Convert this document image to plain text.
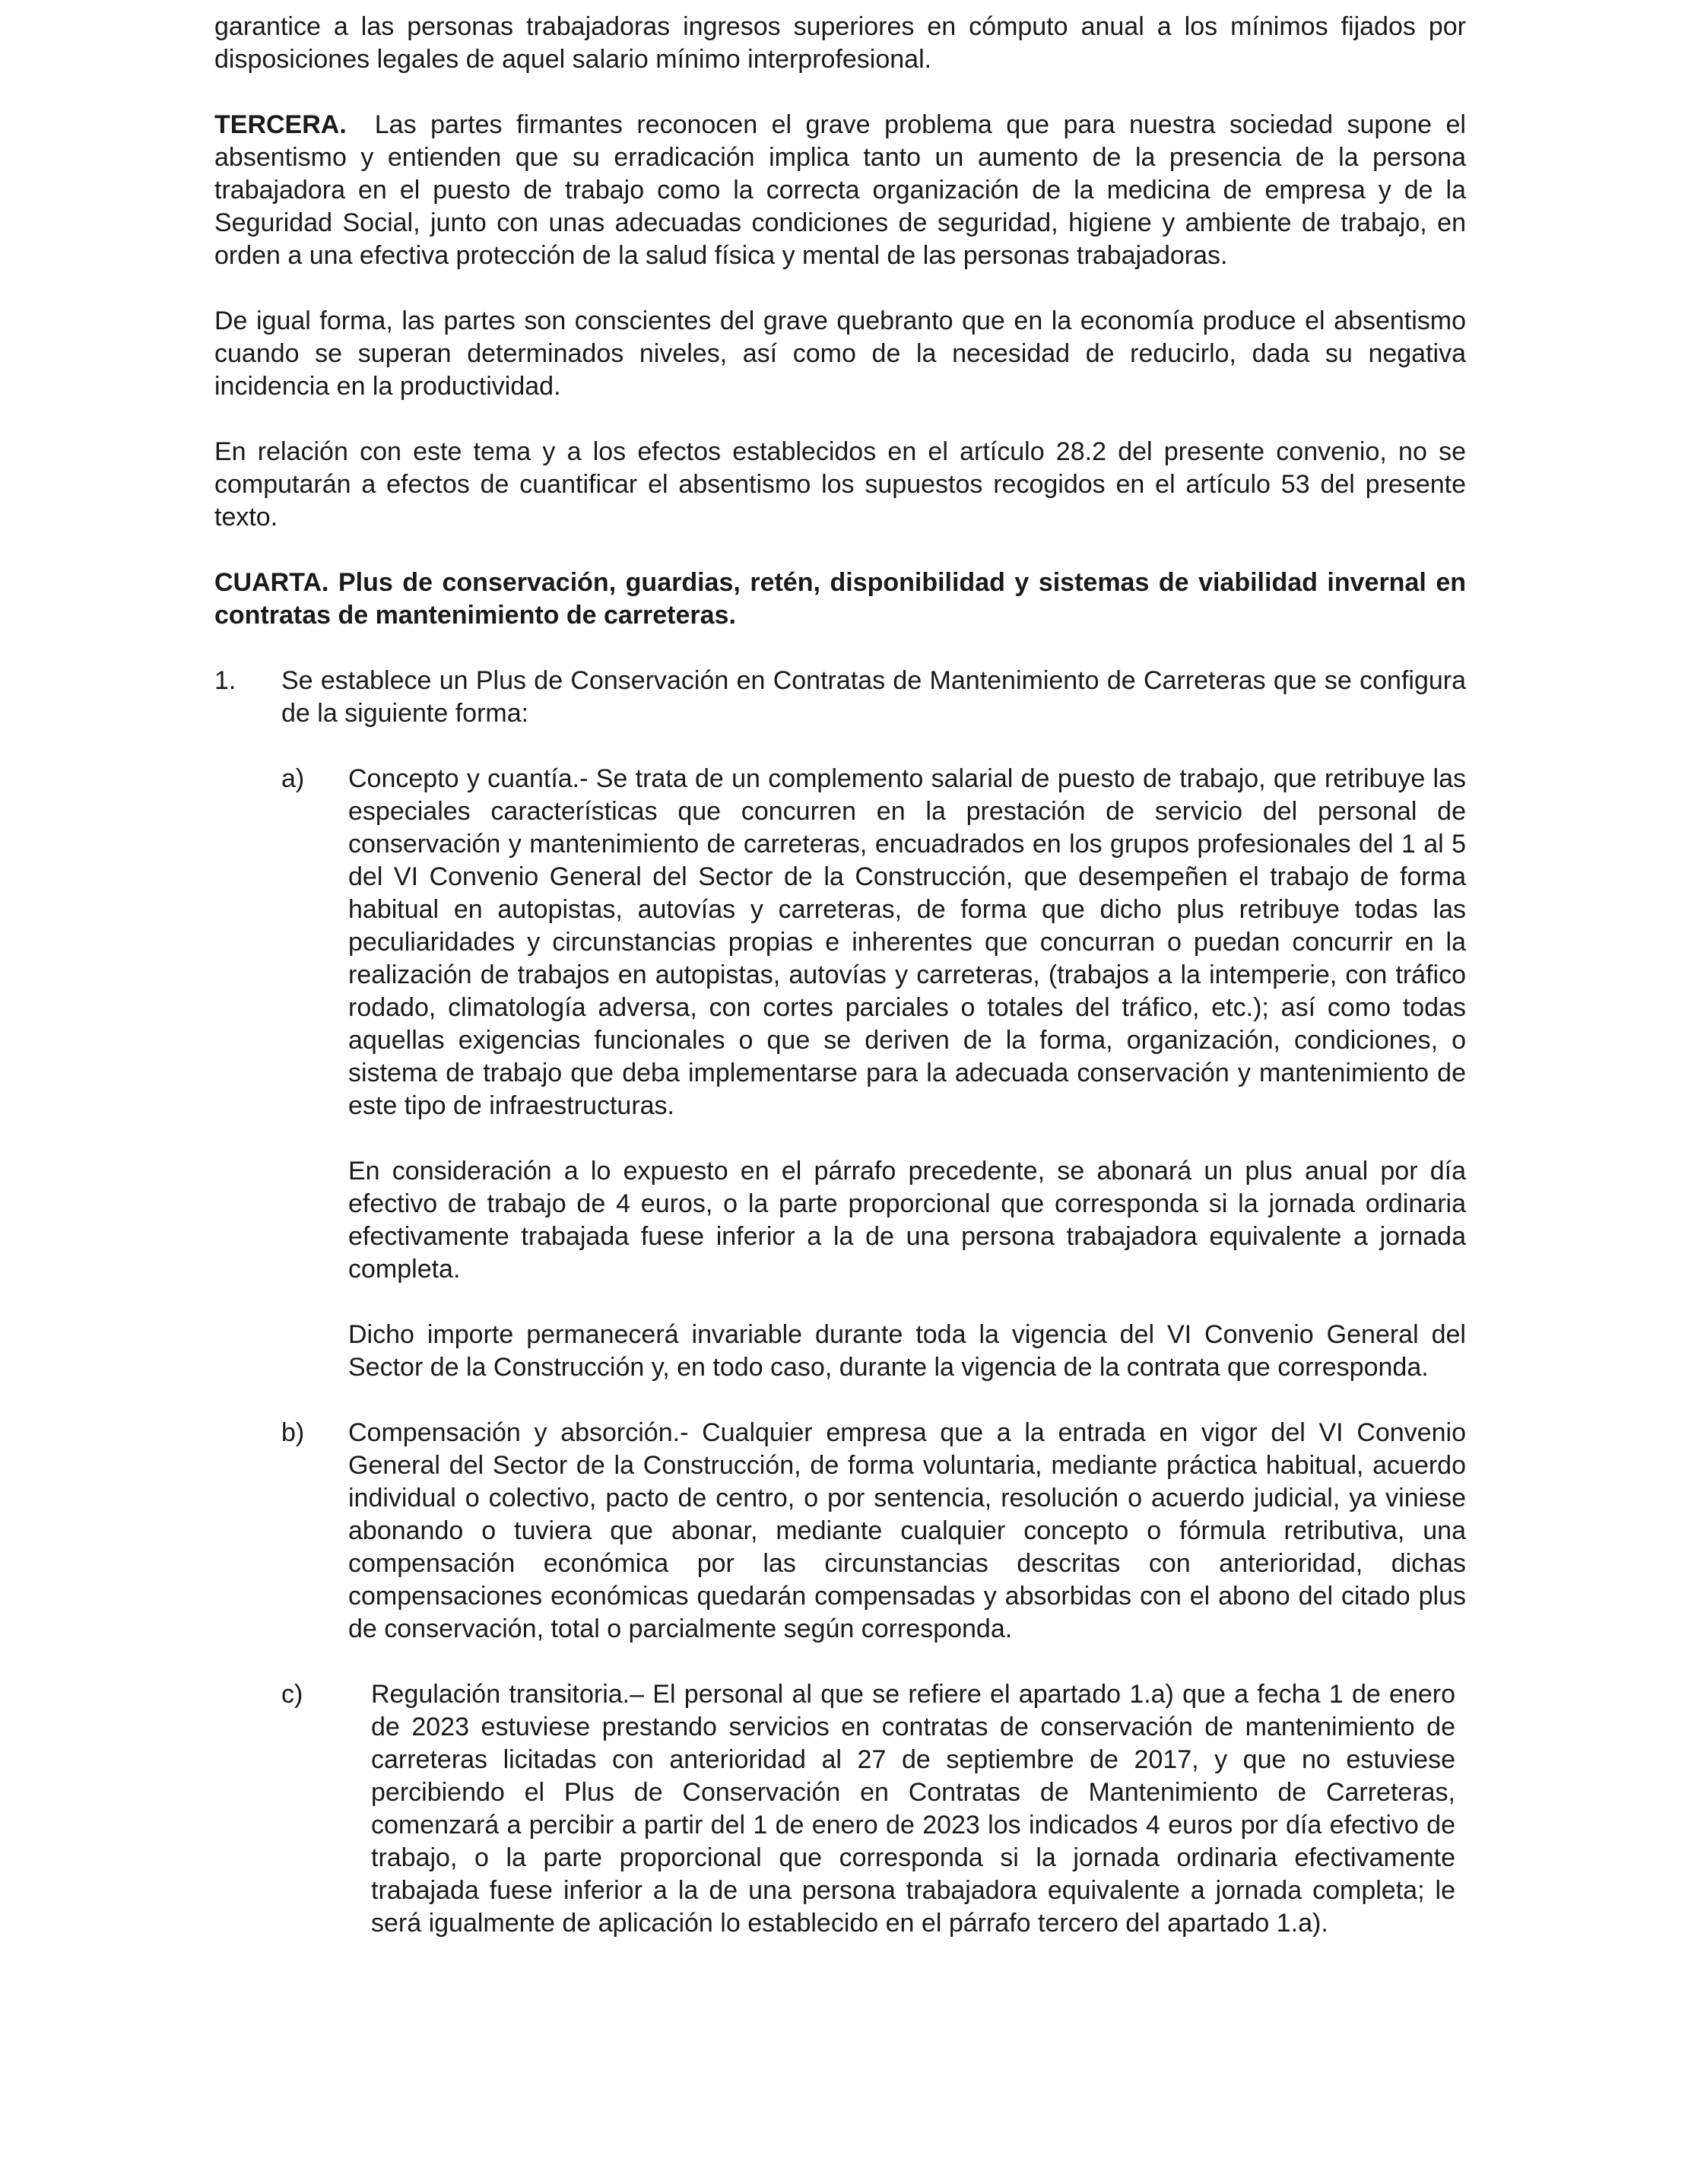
garantice a las personas trabajadoras ingresos superiores en cómputo anual a los mínimos fijados por disposiciones legales de aquel salario mínimo interprofesional.

TERCERA. Las partes firmantes reconocen el grave problema que para nuestra sociedad supone el absentismo y entienden que su erradicación implica tanto un aumento de la presencia de la persona trabajadora en el puesto de trabajo como la correcta organización de la medicina de empresa y de la Seguridad Social, junto con unas adecuadas condiciones de seguridad, higiene y ambiente de trabajo, en orden a una efectiva protección de la salud física y mental de las personas trabajadoras.

De igual forma, las partes son conscientes del grave quebranto que en la economía produce el absentismo cuando se superan determinados niveles, así como de la necesidad de reducirlo, dada su negativa incidencia en la productividad.

En relación con este tema y a los efectos establecidos en el artículo 28.2 del presente convenio, no se computarán a efectos de cuantificar el absentismo los supuestos recogidos en el artículo 53 del presente texto.

CUARTA. Plus de conservación, guardias, retén, disponibilidad y sistemas de viabilidad invernal en contratas de mantenimiento de carreteras.

1.	Se establece un Plus de Conservación en Contratas de Mantenimiento de Carreteras que se configura de la siguiente forma:

a)	Concepto y cuantía.- Se trata de un complemento salarial de puesto de trabajo, que retribuye las especiales características que concurren en la prestación de servicio del personal de conservación y mantenimiento de carreteras, encuadrados en los grupos profesionales del 1 al 5 del VI Convenio General del Sector de la Construcción, que desempeñen el trabajo de forma habitual en autopistas, autovías y carreteras, de forma que dicho plus retribuye todas las peculiaridades y circunstancias propias e inherentes que concurran o puedan concurrir en la realización de trabajos en autopistas, autovías y carreteras, (trabajos a la intemperie, con tráfico rodado, climatología adversa, con cortes parciales o totales del tráfico, etc.); así como todas aquellas exigencias funcionales o que se deriven de la forma, organización, condiciones, o sistema de trabajo que deba implementarse para la adecuada conservación y mantenimiento de este tipo de infraestructuras.

En consideración a lo expuesto en el párrafo precedente, se abonará un plus anual por día efectivo de trabajo de 4 euros, o la parte proporcional que corresponda si la jornada ordinaria efectivamente trabajada fuese inferior a la de una persona trabajadora equivalente a jornada completa.

Dicho importe permanecerá invariable durante toda la vigencia del VI Convenio General del Sector de la Construcción y, en todo caso, durante la vigencia de la contrata que corresponda.

b)	Compensación y absorción.- Cualquier empresa que a la entrada en vigor del VI Convenio General del Sector de la Construcción, de forma voluntaria, mediante práctica habitual, acuerdo individual o colectivo, pacto de centro, o por sentencia, resolución o acuerdo judicial, ya viniese abonando o tuviera que abonar, mediante cualquier concepto o fórmula retributiva, una compensación económica por las circunstancias descritas con anterioridad, dichas compensaciones económicas quedarán compensadas y absorbidas con el abono del citado plus de conservación, total o parcialmente según corresponda.

c)	Regulación transitoria.– El personal al que se refiere el apartado 1.a) que a fecha 1 de enero de 2023 estuviese prestando servicios en contratas de conservación de mantenimiento de carreteras licitadas con anterioridad al 27 de septiembre de 2017, y que no estuviese percibiendo el Plus de Conservación en Contratas de Mantenimiento de Carreteras, comenzará a percibir a partir del 1 de enero de 2023 los indicados 4 euros por día efectivo de trabajo, o la parte proporcional que corresponda si la jornada ordinaria efectivamente trabajada fuese inferior a la de una persona trabajadora equivalente a jornada completa; le será igualmente de aplicación lo establecido en el párrafo tercero del apartado 1.a).
